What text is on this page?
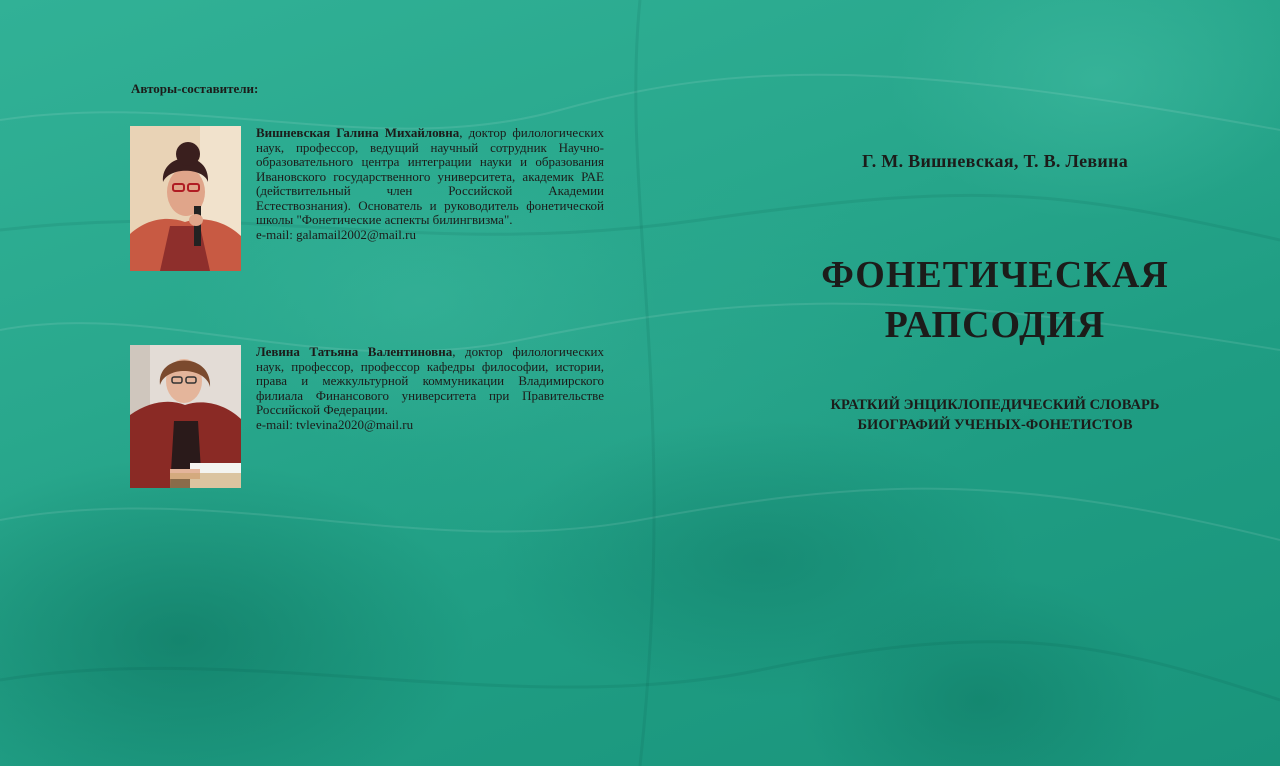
Авторы-составители:

Вишневская Галина Михайловна, доктор филологических наук, профессор, ведущий научный сотрудник Научно-образовательного центра интеграции науки и образования Ивановского государственного университета, академик РАЕ (действительный член Российской Академии Естествознания). Основатель и руководитель фонетической школы "Фонетические аспекты билингвизма".
e-mail: galamail2002@mail.ru

Левина Татьяна Валентиновна, доктор филологических наук, профессор, профессор кафедры философии, истории, права и межкультурной коммуникации Владимирского филиала Финансового университета при Правительстве Российской Федерации.
e-mail: tvlevina2020@mail.ru

Г. М. Вишневская, Т. В. Левина

ФОНЕТИЧЕСКАЯ
РАПСОДИЯ

КРАТКИЙ ЭНЦИКЛОПЕДИЧЕСКИЙ СЛОВАРЬ
БИОГРАФИЙ УЧЕНЫХ-ФОНЕТИСТОВ
